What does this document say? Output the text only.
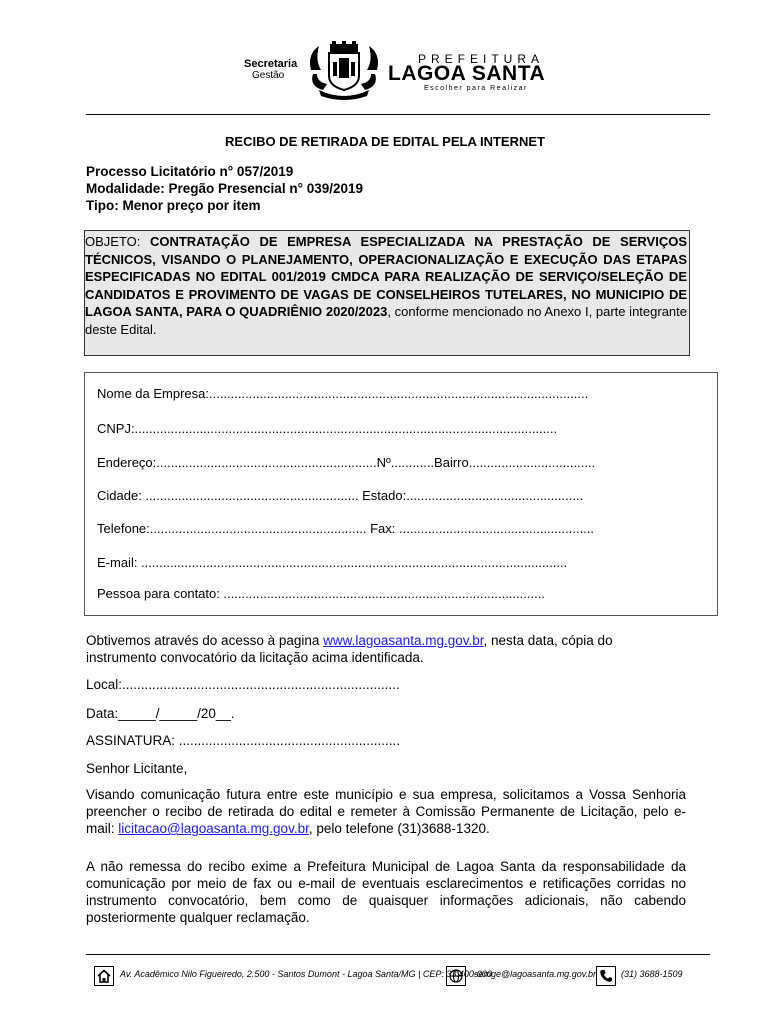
Secretaria
Gestão
PREFEITURA
LAGOA SANTA
Escolher para Realizar
RECIBO DE RETIRADA DE EDITAL PELA INTERNET
Processo Licitatório n° 057/2019
Modalidade: Pregão Presencial n° 039/2019
Tipo: Menor preço por item
OBJETO: CONTRATAÇÃO DE EMPRESA ESPECIALIZADA NA PRESTAÇÃO DE SERVIÇOS TÉCNICOS, VISANDO O PLANEJAMENTO, OPERACIONALIZAÇÃO E EXECUÇÃO DAS ETAPAS ESPECIFICADAS NO EDITAL 001/2019 CMDCA PARA REALIZAÇÃO DE SERVIÇO/SELEÇÃO DE CANDIDATOS E PROVIMENTO DE VAGAS DE CONSELHEIROS TUTELARES, NO MUNICIPIO DE LAGOA SANTA, PARA O QUADRIÊNIO 2020/2023, conforme mencionado no Anexo I, parte integrante deste Edital.
Nome da Empresa:.........................................................................................................
CNPJ:.....................................................................................................................
Endereço:.............................................................Nº............Bairro...................................
Cidade: ........................................................... Estado:.................................................
Telefone:............................................................ Fax: ......................................................
E-mail: ......................................................................................................................
Pessoa para contato: .........................................................................................
Obtivemos através do acesso à pagina www.lagoasanta.mg.gov.br, nesta data, cópia do instrumento convocatório da licitação acima identificada.
Local:..........................................................................
Data:_____/_____/20__.
ASSINATURA: ...........................................................
Senhor Licitante,
Visando comunicação futura entre este município e sua empresa, solicitamos a Vossa Senhoria preencher o recibo de retirada do edital e remeter à Comissão Permanente de Licitação, pelo e-mail: licitacao@lagoasanta.mg.gov.br, pelo telefone (31)3688-1320.
A não remessa do recibo exime a Prefeitura Municipal de Lagoa Santa da responsabilidade da comunicação por meio de fax ou e-mail de eventuais esclarecimentos e retificações corridas no instrumento convocatório, bem como de quaisquer informações adicionais, não cabendo posteriormente qualquer reclamação.
Av. Acadêmico Nilo Figueiredo, 2.500 - Santos Dumont - Lagoa Santa/MG | CEP: 33.400-000
semge@lagoasanta.mg.gov.br	(31) 3688-1509
